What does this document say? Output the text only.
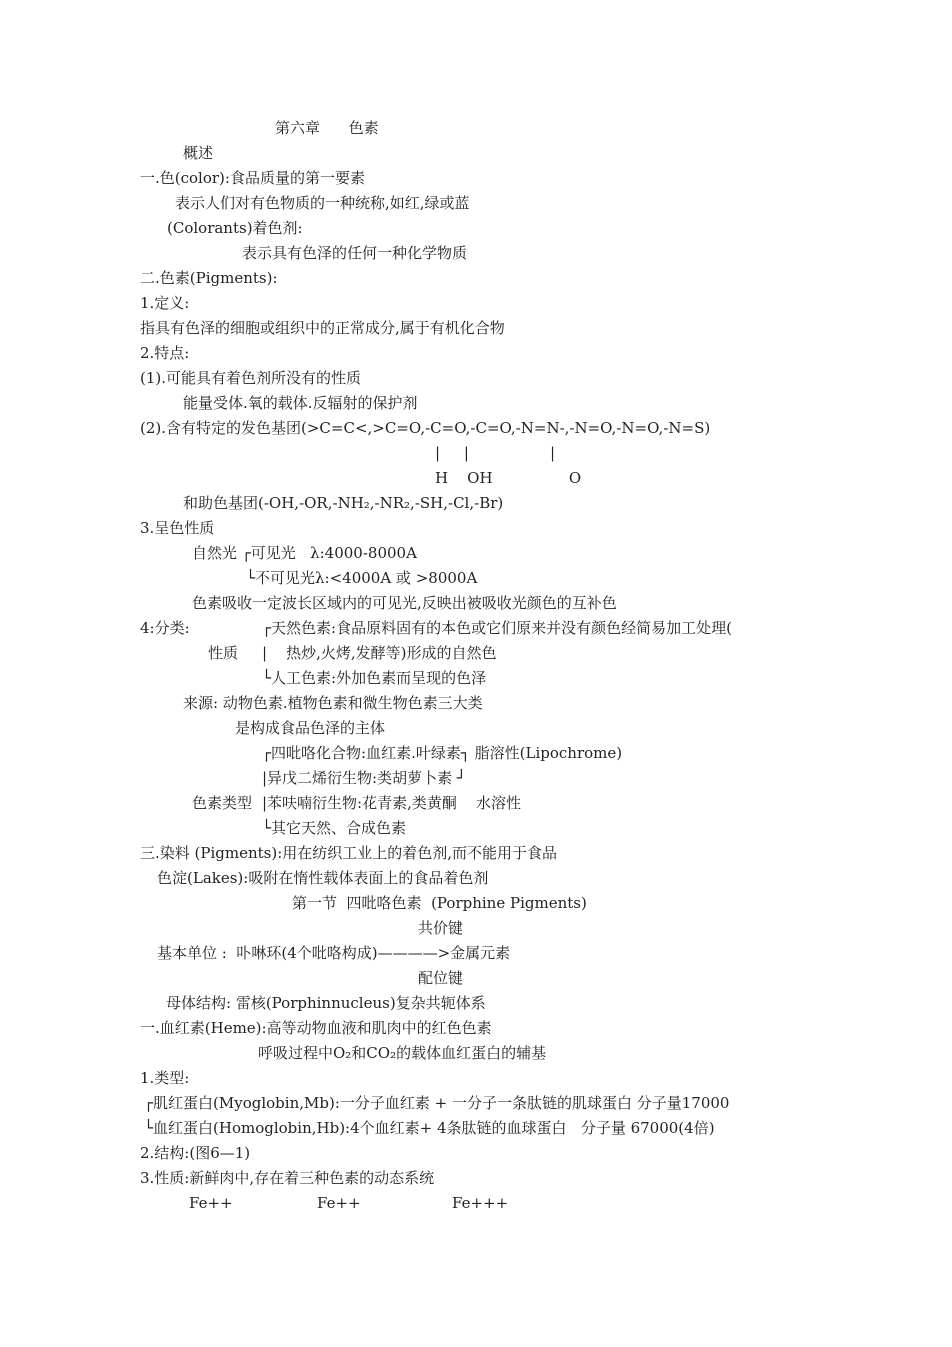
第六章      色素
概述
一.色(color):食品质量的第一要素
表示人们对有色物质的一种统称,如红,绿或蓝
(Colorants)着色剂:
表示具有色泽的任何一种化学物质
二.色素(Pigments):
1.定义:
指具有色泽的细胞或组织中的正常成分,属于有机化合物
2.特点:
(1).可能具有着色剂所没有的性质
能量受体.氧的载体.反辐射的保护剂
(2).含有特定的发色基团(>C=C<,>C=O,-C=O,-C=O,-N=N-,-N=O,-N=O,-N=S)
|     |                 |
H    OH                O
和助色基团(-OH,-OR,-NH₂,-NR₂,-SH,-Cl,-Br)
3.呈色性质
自然光 ┌可见光   λ:4000-8000A
└不可见光λ:<4000A 或 >8000A
色素吸收一定波长区域内的可见光,反映出被吸收光颜色的互补色
4:分类:	┌天然色素:食品原料固有的本色或它们原来并没有颜色经简易加工处理(
性质 |    热炒,火烤,发酵等)形成的自然色
└人工色素:外加色素而呈现的色泽
来源: 动物色素.植物色素和微生物色素三大类
是构成食品色泽的主体
┌四吡咯化合物:血红素.叶绿素┐ 脂溶性(Lipochrome)
|异戊二烯衍生物:类胡萝卜素 ┘
色素类型 |苯呋喃衍生物:花青素,类黄酮    水溶性
└其它天然、合成色素
三.染料 (Pigments):用在纺织工业上的着色剂,而不能用于食品
色淀(Lakes):吸附在惰性载体表面上的食品着色剂
第一节  四吡咯色素  (Porphine Pigments)
共价键
基本单位 :  卟啉环(4个吡咯构成)————>金属元素
配位键
母体结构: 雷核(Porphinnucleus)复杂共轭体系
一.血红素(Heme):高等动物血液和肌肉中的红色色素
呼吸过程中O₂和CO₂的载体血红蛋白的辅基
1.类型:
┌肌红蛋白(Myoglobin,Mb):一分子血红素 + 一分子一条肽链的肌球蛋白 分子量17000
└血红蛋白(Homoglobin,Hb):4个血红素+ 4条肽链的血球蛋白   分子量 67000(4倍)
2.结构:(图6—1)
3.性质:新鲜肉中,存在着三种色素的动态系统
Fe++	Fe++	Fe+++
